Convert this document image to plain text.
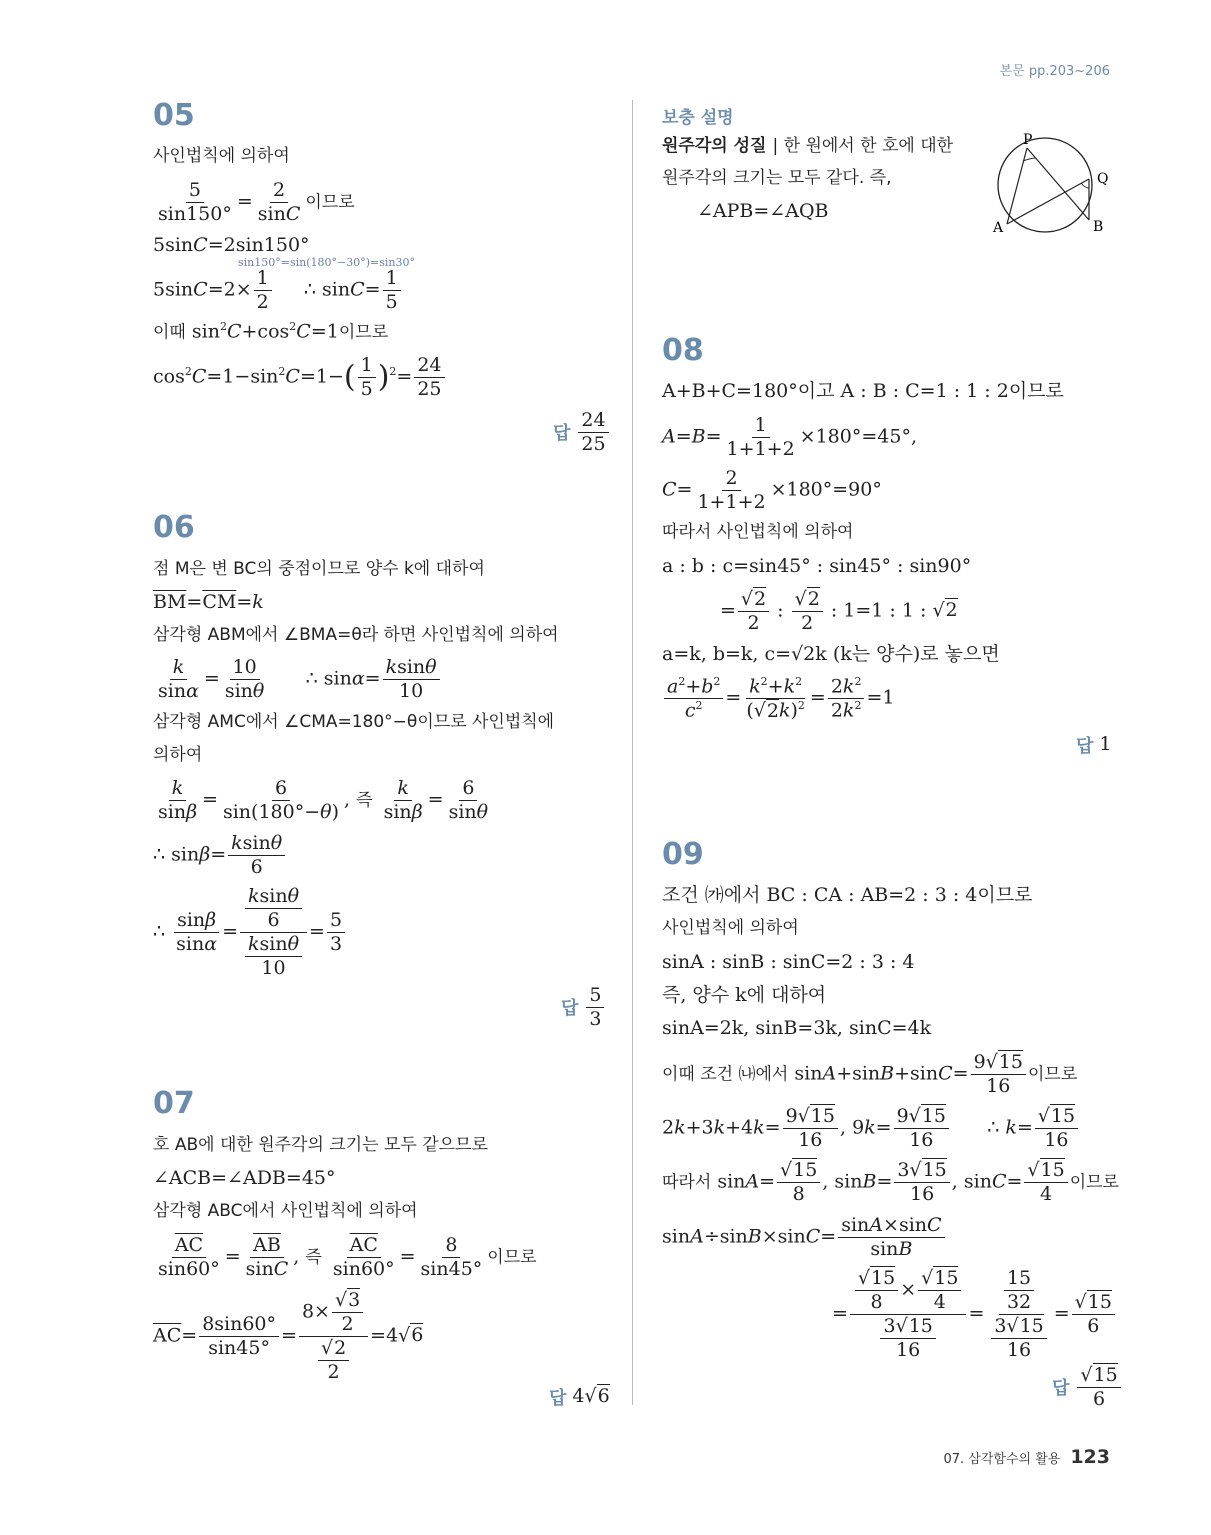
본문 pp.203~206
05
사인법칙에 의하여
$\frac{5}{\sin 150^\circ} = \frac{2}{\sin C}$ 이므로
5sinC=2sin150°
sin150°=sin(180°−30°)=sin30°
$5\sin C=2\times \frac{1}{2}$ ∴ $\sin C= \frac{1}{5}$
이때 $\sin^2C+\cos^2C=1$이므로
$\cos^2C=1-\sin^2C=1-( \frac{1}{5} )^2= \frac{24}{25}$
답 $\frac{24}{25}$
06
점 M은 변 BC의 중점이므로 양수 k에 대하여
$\overline{BM}=\overline{CM}=k$
삼각형 ABM에서 ∠BMA=θ라 하면 사인법칙에 의하여
$\frac{k}{\sin\alpha} = \frac{10}{\sin\theta}$ ∴ $\sin\alpha= \frac{ksin\theta}{10}$
삼각형 AMC에서 ∠CMA=180°−θ이므로 사인법칙에
의하여
$\frac{k}{\sin\beta} = \frac{6}{\sin(180^\circ-\theta)}$ , 즉 $\frac{k}{\sin\beta} = \frac{6}{\sin\theta}$
∴ $\sin\beta= \frac{ksin\theta}{6}$
∴ $\frac{\sin\beta}{\sin\alpha} = \frac{\frac{ksin\theta}{6}}{\frac{ksin\theta}{10}} = \frac{5}{3}$
답 $\frac{5}{3}$
07
호 AB에 대한 원주각의 크기는 모두 같으므로
∠ACB=∠ADB=45°
삼각형 ABC에서 사인법칙에 의하여
$\frac{\overline{AC}}{\sin 60^\circ} = \frac{\overline{AB}}{\sin C}$ , 즉 $\frac{\overline{AC}}{\sin 60^\circ} = \frac{8}{\sin 45^\circ}$ 이므로
$\overline{AC}= \frac{8\sin 60^\circ}{\sin 45^\circ} = \frac{8\times \frac{√3}{2}}{\frac{√2}{2}} =4√6$
답 4√6
보충 설명
원주각의 성질 | 한 원에서 한 호에 대한
원주각의 크기는 모두 같다. 즉,
∠APB=∠AQB
P
Q
A	B
08
A+B+C=180°이고 A : B : C=1 : 1 : 2이므로
$A=B= \frac{1}{1+1+2} \times 180^\circ=45^\circ$,
$C= \frac{2}{1+1+2} \times 180^\circ=90^\circ$
따라서 사인법칙에 의하여
a : b : c=sin45° : sin45° : sin90°
= $\frac{√2}{2}$ : $\frac{√2}{2}$ : 1=1 : 1 : √2
a=k, b=k, c=√2k (k는 양수)로 놓으면
$\frac{a^2+b^2}{c^2} = \frac{k^2+k^2}{(√2k)^2} = \frac{2k^2}{2k^2} =1$
답 1
09
조건 ㈎에서 BC : CA : AB=2 : 3 : 4이므로
사인법칙에 의하여
sinA : sinB : sinC=2 : 3 : 4
즉, 양수 k에 대하여
sinA=2k, sinB=3k, sinC=4k
이때 조건 ㈏에서 $\sin A+\sin B+\sin C= \frac{9√15}{16}$ 이므로
$2k+3k+4k= \frac{9√15}{16}$ , $9k= \frac{9√15}{16}$ ∴ $k= \frac{√15}{16}$
따라서 $\sin A= \frac{√15}{8}$ , $\sin B= \frac{3√15}{16}$ , $\sin C= \frac{√15}{4}$ 이므로
$\sin A\div\sin B\times\sin C= \frac{\sin A\times\sin C}{\sin B}$
= $\frac{\frac{√15}{8} \times \frac{√15}{4}}{\frac{3√15}{16}} = \frac{\frac{15}{32}}{\frac{3√15}{16}} = \frac{√15}{6}$
답 $\frac{√15}{6}$
07. 삼각함수의 활용 123
